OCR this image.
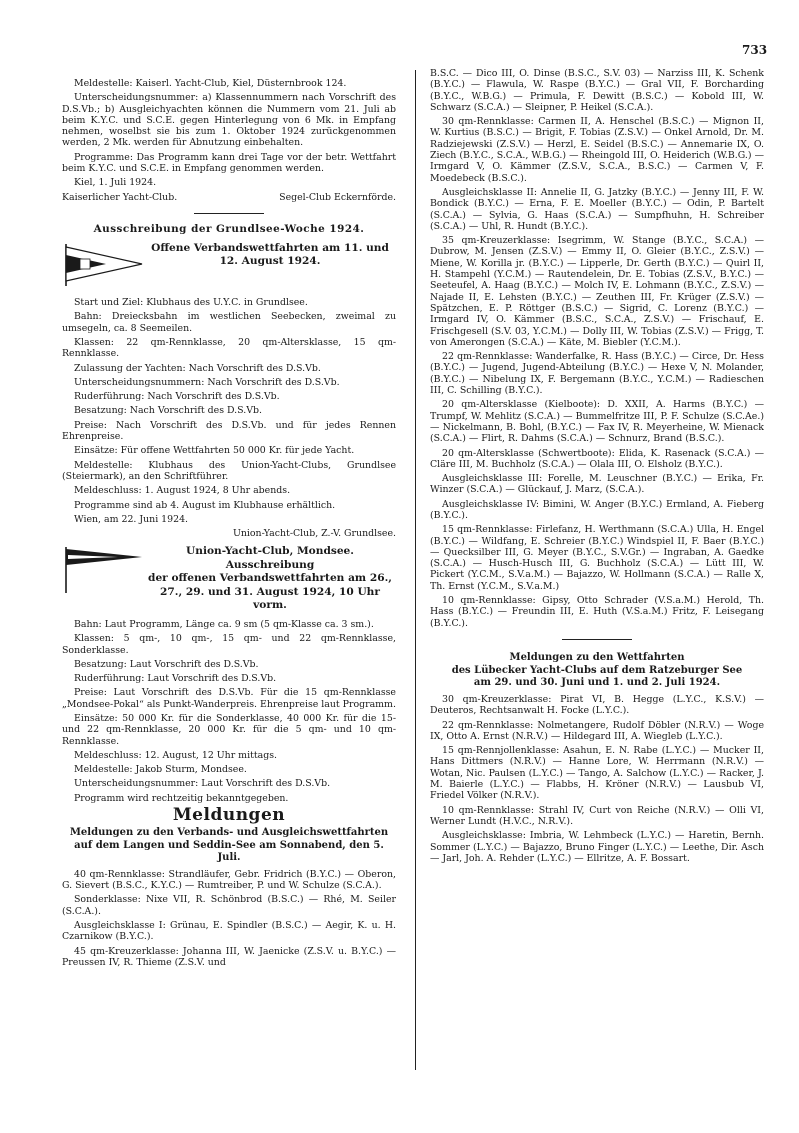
733

Meldestelle: Kaiserl. Yacht-Club, Kiel, Düsternbrook 124.

Unterscheidungsnummer: a) Klassennummern nach Vorschrift des D.S.Vb.; b) Ausgleichyachten können die Nummern vom 21. Juli ab beim K.Y.C. und S.C.E. gegen Hinterlegung von 6 Mk. in Empfang nehmen, woselbst sie bis zum 1. Oktober 1924 zurückgenommen werden, 2 Mk. werden für Abnutzung einbehalten.

Programme: Das Programm kann drei Tage vor der betr. Wettfahrt beim K.Y.C. und S.C.E. in Empfang genommen werden.

Kiel, 1. Juli 1924.

Kaiserlicher Yacht-Club.	Segel-Club Eckernförde.
Ausschreibung der Grundlsee-Woche 1924.
Offene Verbandswettfahrten am 11. und 12. August 1924.

Start und Ziel: Klubhaus des U.Y.C. in Grundlsee.

Bahn: Dreiecksbahn im westlichen Seebecken, zweimal zu umsegeln, ca. 8 Seemeilen.

Klassen: 22 qm-Rennklasse, 20 qm-Altersklasse, 15 qm-Rennklasse.

Zulassung der Yachten: Nach Vorschrift des D.S.Vb.

Unterscheidungsnummern: Nach Vorschrift des D.S.Vb.

Ruderführung: Nach Vorschrift des D.S.Vb.

Besatzung: Nach Vorschrift des D.S.Vb.

Preise: Nach Vorschrift des D.S.Vb. und für jedes Rennen Ehrenpreise.

Einsätze: Für offene Wettfahrten 50 000 Kr. für jede Yacht.

Meldestelle: Klubhaus des Union-Yacht-Clubs, Grundlsee (Steiermark), an den Schriftführer.

Meldeschluss: 1. August 1924, 8 Uhr abends.

Programme sind ab 4. August im Klubhause erhältlich.

Wien, am 22. Juni 1924.

Union-Yacht-Club, Z.-V. Grundlsee.

Union-Yacht-Club, Mondsee.
Ausschreibung
der offenen Verbandswettfahrten am 26., 27., 29. und 31. August 1924, 10 Uhr vorm.

Bahn: Laut Programm, Länge ca. 9 sm (5 qm-Klasse ca. 3 sm.).

Klassen: 5 qm-, 10 qm-, 15 qm- und 22 qm-Rennklasse, Sonderklasse.

Besatzung: Laut Vorschrift des D.S.Vb.

Ruderführung: Laut Vorschrift des D.S.Vb.

Preise: Laut Vorschrift des D.S.Vb. Für die 15 qm-Rennklasse „Mondsee-Pokal“ als Punkt-Wanderpreis. Ehrenpreise laut Programm.

Einsätze: 50 000 Kr. für die Sonderklasse, 40 000 Kr. für die 15- und 22 qm-Rennklasse, 20 000 Kr. für die 5 qm- und 10 qm-Rennklasse.

Meldeschluss: 12. August, 12 Uhr mittags.

Meldestelle: Jakob Sturm, Mondsee.

Unterscheidungsnummer: Laut Vorschrift des D.S.Vb.

Programm wird rechtzeitig bekanntgegeben.

Meldungen
Meldungen zu den Verbands- und Ausgleichswettfahrten auf dem Langen und Seddin-See am Sonnabend, den 5. Juli.

40 qm-Rennklasse: Strandläufer, Gebr. Fridrich (B.Y.C.) — Oberon, G. Sievert (B.S.C., K.Y.C.) — Rumtreiber, P. und W. Schulze (S.C.A.).

Sonderklasse: Nixe VII, R. Schönbrod (B.S.C.) — Rhé, M. Seiler (S.C.A.).

Ausgleichsklasse I: Grünau, E. Spindler (B.S.C.) — Aegir, K. u. H. Czarnikow (B.Y.C.).

45 qm-Kreuzerklasse: Johanna III, W. Jaenicke (Z.S.V. u. B.Y.C.) — Preussen IV, R. Thieme (Z.S.V. und

B.S.C. — Dico III, O. Dinse (B.S.C., S.V. 03) — Narziss III, K. Schenk (B.Y.C.) — Flawula, W. Raspe (B.Y.C.) — Gral VII, F. Borcharding (B.Y.C., W.B.G.) — Primula, F. Dewitt (B.S.C.) — Kobold III, W. Schwarz (S.C.A.) — Sleipner, P. Heikel (S.C.A.).

30 qm-Rennklasse: Carmen II, A. Henschel (B.S.C.) — Mignon II, W. Kurtius (B.S.C.) — Brigit, F. Tobias (Z.S.V.) — Onkel Arnold, Dr. M. Radziejewski (Z.S.V.) — Herzl, E. Seidel (B.S.C.) — Annemarie IX, O. Ziech (B.Y.C., S.C.A., W.B.G.) — Rheingold III, O. Heiderich (W.B.G.) — Irmgard V, O. Kämmer (Z.S.V., S.C.A., B.S.C.) — Carmen V, F. Moedebeck (B.S.C.).

Ausgleichsklasse II: Annelie II, G. Jatzky (B.Y.C.) — Jenny III, F. W. Bondick (B.Y.C.) — Erna, F. E. Moeller (B.Y.C.) — Odin, P. Bartelt (S.C.A.) — Sylvia, G. Haas (S.C.A.) — Sumpfhuhn, H. Schreiber (S.C.A.) — Uhl, R. Hundt (B.Y.C.).

35 qm-Kreuzerklasse: Isegrimm, W. Stange (B.Y.C., S.C.A.) — Dubrow, M. Jensen (Z.S.V.) — Emmy II, O. Gleier (B.Y.C., Z.S.V.) — Miene, W. Korilla jr. (B.Y.C.) — Lipperle, Dr. Gerth (B.Y.C.) — Quirl II, H. Stampehl (Y.C.M.) — Rautendelein, Dr. E. Tobias (Z.S.V., B.Y.C.) — Seeteufel, A. Haag (B.Y.C.) — Molch IV, E. Lohmann (B.Y.C., Z.S.V.) — Najade II, E. Lehsten (B.Y.C.) — Zeuthen III, Fr. Krüger (Z.S.V.) — Spätzchen, E. P. Röttger (B.S.C.) — Sigrid, C. Lorenz (B.Y.C.) — Irmgard IV, O. Kämmer (B.S.C., S.C.A., Z.S.V.) — Frischauf, E. Frischgesell (S.V. 03, Y.C.M.) — Dolly III, W. Tobias (Z.S.V.) — Frigg, T. von Amerongen (S.C.A.) — Käte, M. Biebler (Y.C.M.).

22 qm-Rennklasse: Wanderfalke, R. Hass (B.Y.C.) — Circe, Dr. Hess (B.Y.C.) — Jugend, Jugend-Abteilung (B.Y.C.) — Hexe V, N. Molander, (B.Y.C.) — Nibelung IX, F. Bergemann (B.Y.C., Y.C.M.) — Radieschen III, C. Schilling (B.Y.C.).

20 qm-Altersklasse (Kielboote): D. XXII, A. Harms (B.Y.C.) — Trumpf, W. Mehlitz (S.C.A.) — Bummelfritze III, P. F. Schulze (S.C.Ae.) — Nickelmann, B. Bohl, (B.Y.C.) — Fax IV, R. Meyerheine, W. Mienack (S.C.A.) — Flirt, R. Dahms (S.C.A.) — Schnurz, Brand (B.S.C.).

20 qm-Altersklasse (Schwertboote): Elida, K. Rasenack (S.C.A.) — Cläre III, M. Buchholz (S.C.A.) — Olala III, O. Elsholz (B.Y.C.).

Ausgleichsklasse III: Forelle, M. Leuschner (B.Y.C.) — Erika, Fr. Winzer (S.C.A.) — Glückauf, J. Marz, (S.C.A.).

Ausgleichsklasse IV: Bimini, W. Anger (B.Y.C.) Ermland, A. Fieberg (B.Y.C.).

15 qm-Rennklasse: Firlefanz, H. Werthmann (S.C.A.) Ulla, H. Engel (B.Y.C.) — Wildfang, E. Schreier (B.Y.C.) Windspiel II, F. Baer (B.Y.C.) — Quecksilber III, G. Meyer (B.Y.C., S.V.Gr.) — Ingraban, A. Gaedke (S.C.A.) — Husch-Husch III, G. Buchholz (S.C.A.) — Lütt III, W. Pickert (Y.C.M., S.V.a.M.) — Bajazzo, W. Hollmann (S.C.A.) — Ralle X, Th. Ernst (Y.C.M., S.V.a.M.)

10 qm-Rennklasse: Gipsy, Otto Schrader (V.S.a.M.) Herold, Th. Hass (B.Y.C.) — Freundin III, E. Huth (V.S.a.M.) Fritz, F. Leisegang (B.Y.C.).

Meldungen zu den Wettfahrten
des Lübecker Yacht-Clubs auf dem Ratzeburger See
am 29. und 30. Juni und 1. und 2. Juli 1924.

30 qm-Kreuzerklasse: Pirat VI, B. Hegge (L.Y.C., K.S.V.) — Deuteros, Rechtsanwalt H. Focke (L.Y.C.).

22 qm-Rennklasse: Nolmetangere, Rudolf Döbler (N.R.V.) — Woge IX, Otto A. Ernst (N.R.V.) — Hildegard III, A. Wiegleb (L.Y.C.).

15 qm-Rennjollenklasse: Asahun, E. N. Rabe (L.Y.C.) — Mucker II, Hans Dittmers (N.R.V.) — Hanne Lore, W. Herrmann (N.R.V.) — Wotan, Nic. Paulsen (L.Y.C.) — Tango, A. Salchow (L.Y.C.) — Racker, J. M. Baierle (L.Y.C.) — Flabbs, H. Kröner (N.R.V.) — Lausbub VI, Friedel Völker (N.R.V.).

10 qm-Rennklasse: Strahl IV, Curt von Reiche (N.R.V.) — Olli VI, Werner Lundt (H.V.C., N.R.V.).

Ausgleichsklasse: Imbria, W. Lehmbeck (L.Y.C.) — Haretin, Bernh. Sommer (L.Y.C.) — Bajazzo, Bruno Finger (L.Y.C.) — Leethe, Dir. Asch — Jarl, Joh. A. Rehder (L.Y.C.) — Ellritze, A. F. Bossart.
